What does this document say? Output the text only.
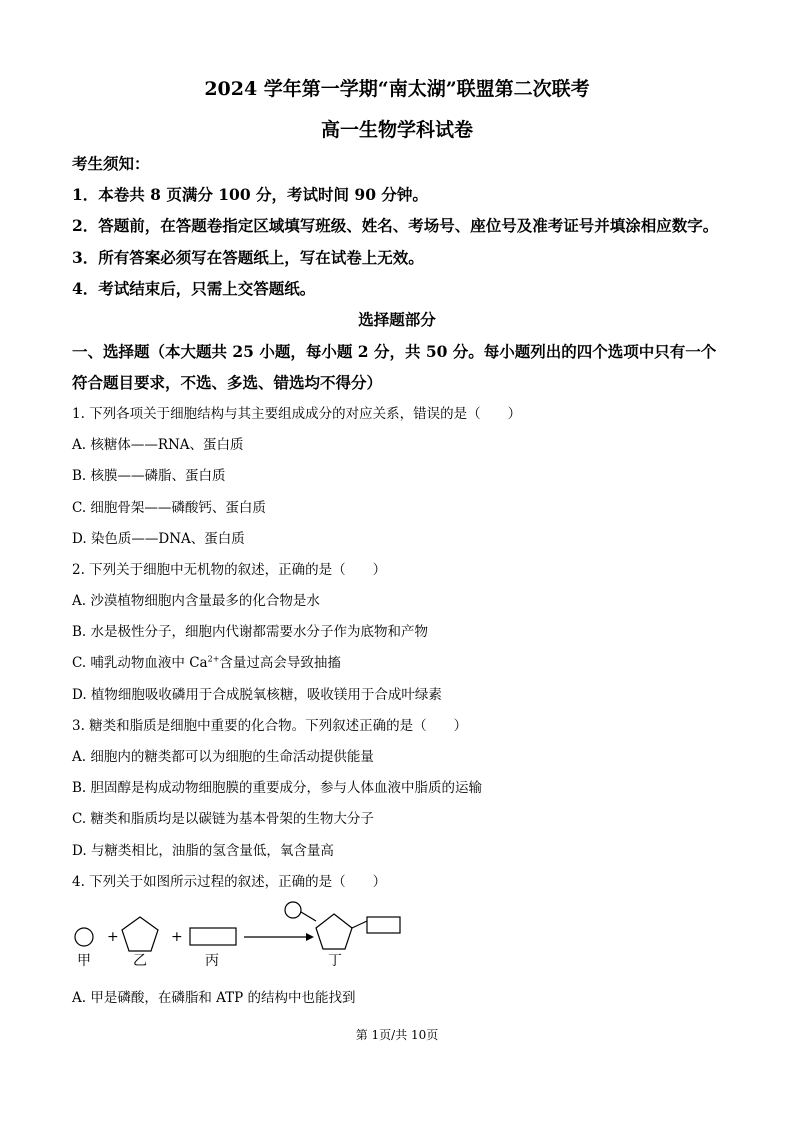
2024 学年第一学期“南太湖”联盟第二次联考
高一生物学科试卷
考生须知：
1．本卷共 8 页满分 100 分，考试时间 90 分钟。
2．答题前，在答题卷指定区域填写班级、姓名、考场号、座位号及准考证号并填涂相应数字。
3．所有答案必须写在答题纸上，写在试卷上无效。
4．考试结束后，只需上交答题纸。
选择题部分
一、选择题（本大题共 25 小题，每小题 2 分，共 50 分。每小题列出的四个选项中只有一个
符合题目要求，不选、多选、错选均不得分）
1. 下列各项关于细胞结构与其主要组成成分的对应关系，错误的是（　　）
A. 核糖体——RNA、蛋白质
B. 核膜——磷脂、蛋白质
C. 细胞骨架——磷酸钙、蛋白质
D. 染色质——DNA、蛋白质
2. 下列关于细胞中无机物的叙述，正确的是（　　）
A. 沙漠植物细胞内含量最多的化合物是水
B. 水是极性分子，细胞内代谢都需要水分子作为底物和产物
C. 哺乳动物血液中 $Ca^{2+}$含量过高会导致抽搐
D. 植物细胞吸收磷用于合成脱氧核糖，吸收镁用于合成叶绿素
3. 糖类和脂质是细胞中重要的化合物。下列叙述正确的是（　　）
A. 细胞内的糖类都可以为细胞的生命活动提供能量
B. 胆固醇是构成动物细胞膜的重要成分，参与人体血液中脂质的运输
C. 糖类和脂质均是以碳链为基本骨架的生物大分子
D. 与糖类相比，油脂的氢含量低，氧含量高
4. 下列关于如图所示过程的叙述，正确的是（　　）
+	+
甲	乙	丙	丁
A. 甲是磷酸，在磷脂和 ATP 的结构中也能找到
第 1页/共 10页
